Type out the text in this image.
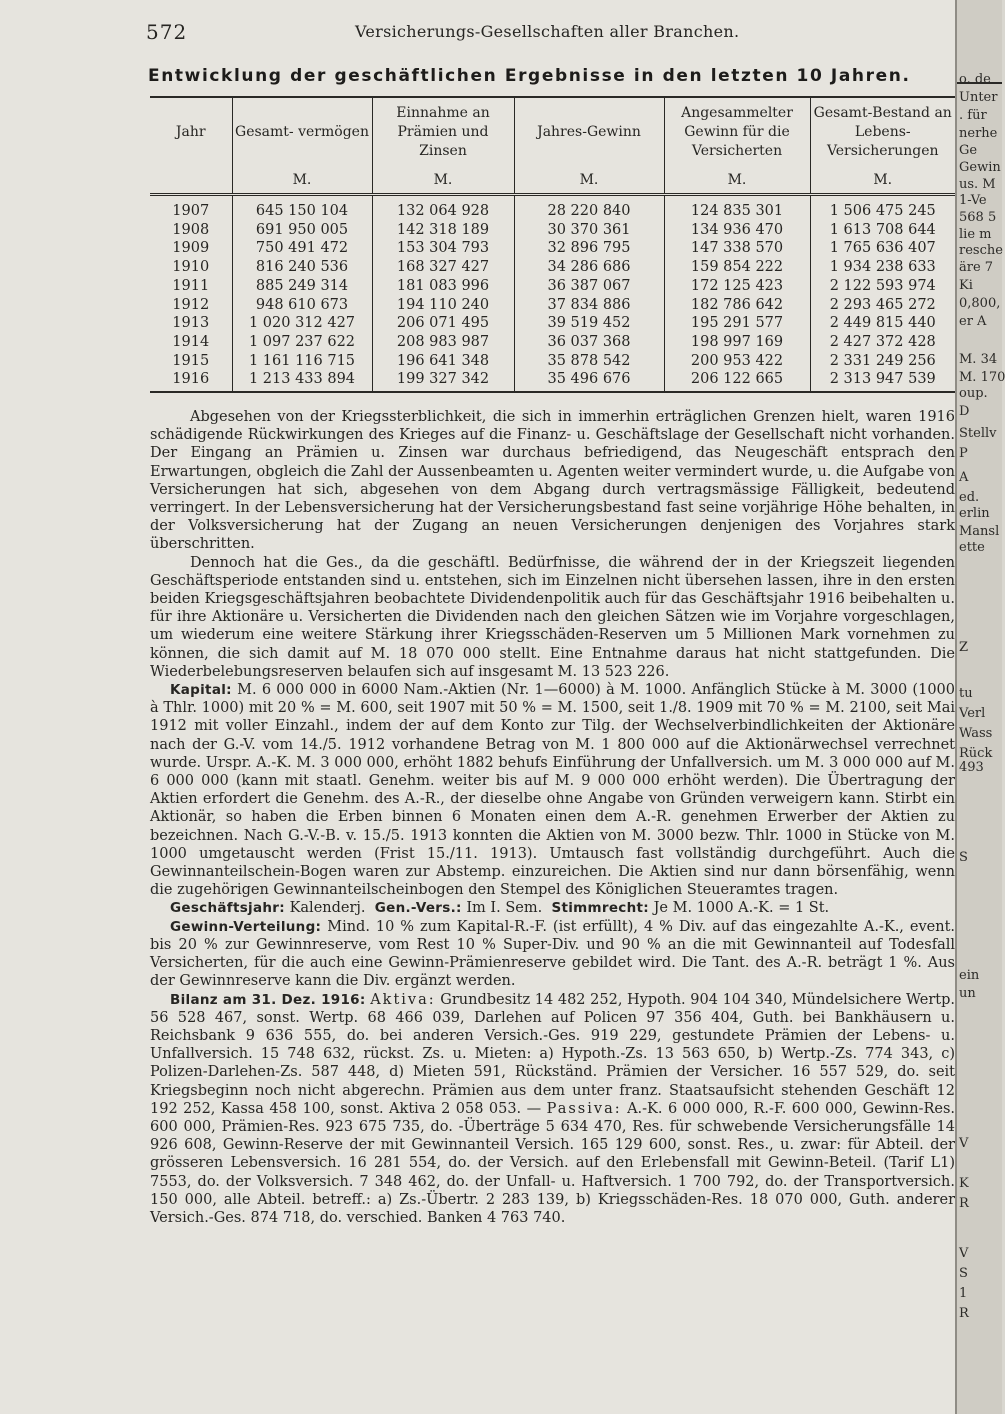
572	Versicherungs-Gesellschaften aller Branchen.
Entwicklung der geschäftlichen Ergebnisse in den letzten 10 Jahren.
Jahr	Gesamt- vermögen	Einnahme an Prämien und Zinsen	Jahres-Gewinn	Angesammelter Gewinn für die Versicherten	Gesamt-Bestand an Lebens- Versicherungen
	M.	M.	M.	M.	M.
1907	645 150 104	132 064 928	28 220 840	124 835 301	1 506 475 245
1908	691 950 005	142 318 189	30 370 361	134 936 470	1 613 708 644
1909	750 491 472	153 304 793	32 896 795	147 338 570	1 765 636 407
1910	816 240 536	168 327 427	34 286 686	159 854 222	1 934 238 633
1911	885 249 314	181 083 996	36 387 067	172 125 423	2 122 593 974
1912	948 610 673	194 110 240	37 834 886	182 786 642	2 293 465 272
1913	1 020 312 427	206 071 495	39 519 452	195 291 577	2 449 815 440
1914	1 097 237 622	208 983 987	36 037 368	198 997 169	2 427 372 428
1915	1 161 116 715	196 641 348	35 878 542	200 953 422	2 331 249 256
1916	1 213 433 894	199 327 342	35 496 676	206 122 665	2 313 947 539

Abgesehen von der Kriegssterblichkeit, die sich in immerhin erträglichen Grenzen hielt, waren 1916 schädigende Rückwirkungen des Krieges auf die Finanz- u. Geschäftslage der Gesellschaft nicht vorhanden. Der Eingang an Prämien u. Zinsen war durchaus befriedigend, das Neugeschäft entsprach den Erwartungen, obgleich die Zahl der Aussenbeamten u. Agenten weiter vermindert wurde, u. die Aufgabe von Versicherungen hat sich, abgesehen von dem Abgang durch vertragsmässige Fälligkeit, bedeutend verringert. In der Lebensversicherung hat der Versicherungsbestand fast seine vorjährige Höhe behalten, in der Volksversicherung hat der Zugang an neuen Versicherungen denjenigen des Vorjahres stark überschritten.

Dennoch hat die Ges., da die geschäftl. Bedürfnisse, die während der in der Kriegszeit liegenden Geschäftsperiode entstanden sind u. entstehen, sich im Einzelnen nicht übersehen lassen, ihre in den ersten beiden Kriegsgeschäftsjahren beobachtete Dividendenpolitik auch für das Geschäftsjahr 1916 beibehalten u. für ihre Aktionäre u. Versicherten die Dividenden nach den gleichen Sätzen wie im Vorjahre vorgeschlagen, um wiederum eine weitere Stärkung ihrer Kriegsschäden-Reserven um 5 Millionen Mark vornehmen zu können, die sich damit auf M. 18 070 000 stellt. Eine Entnahme daraus hat nicht stattgefunden. Die Wiederbelebungsreserven belaufen sich auf insgesamt M. 13 523 226.

Kapital: M. 6 000 000 in 6000 Nam.-Aktien (Nr. 1—6000) à M. 1000. Anfänglich Stücke à M. 3000 (1000 à Thlr. 1000) mit 20 % = M. 600, seit 1907 mit 50 % = M. 1500, seit 1./8. 1909 mit 70 % = M. 2100, seit Mai 1912 mit voller Einzahl., indem der auf dem Konto zur Tilg. der Wechselverbindlichkeiten der Aktionäre nach der G.-V. vom 14./5. 1912 vorhandene Betrag von M. 1 800 000 auf die Aktionärwechsel verrechnet wurde. Urspr. A.-K. M. 3 000 000, erhöht 1882 behufs Einführung der Unfallversich. um M. 3 000 000 auf M. 6 000 000 (kann mit staatl. Genehm. weiter bis auf M. 9 000 000 erhöht werden). Die Übertragung der Aktien erfordert die Genehm. des A.-R., der dieselbe ohne Angabe von Gründen verweigern kann. Stirbt ein Aktionär, so haben die Erben binnen 6 Monaten einen dem A.-R. genehmen Erwerber der Aktien zu bezeichnen. Nach G.-V.-B. v. 15./5. 1913 konnten die Aktien von M. 3000 bezw. Thlr. 1000 in Stücke von M. 1000 umgetauscht werden (Frist 15./11. 1913). Umtausch fast vollständig durchgeführt. Auch die Gewinnanteilschein-Bogen waren zur Abstemp. einzureichen. Die Aktien sind nur dann börsenfähig, wenn die zugehörigen Gewinnanteilscheinbogen den Stempel des Königlichen Steueramtes tragen.

Geschäftsjahr: Kalenderj. Gen.-Vers.: Im I. Sem. Stimmrecht: Je M. 1000 A.-K. = 1 St.

Gewinn-Verteilung: Mind. 10 % zum Kapital-R.-F. (ist erfüllt), 4 % Div. auf das eingezahlte A.-K., event. bis 20 % zur Gewinnreserve, vom Rest 10 % Super-Div. und 90 % an die mit Gewinnanteil auf Todesfall Versicherten, für die auch eine Gewinn-Prämienreserve gebildet wird. Die Tant. des A.-R. beträgt 1 %. Aus der Gewinnreserve kann die Div. ergänzt werden.

Bilanz am 31. Dez. 1916: Aktiva: Grundbesitz 14 482 252, Hypoth. 904 104 340, Mündelsichere Wertp. 56 528 467, sonst. Wertp. 68 466 039, Darlehen auf Policen 97 356 404, Guth. bei Bankhäusern u. Reichsbank 9 636 555, do. bei anderen Versich.-Ges. 919 229, gestundete Prämien der Lebens- u. Unfallversich. 15 748 632, rückst. Zs. u. Mieten: a) Hypoth.-Zs. 13 563 650, b) Wertp.-Zs. 774 343, c) Polizen-Darlehen-Zs. 587 448, d) Mieten 591, Rückständ. Prämien der Versicher. 16 557 529, do. seit Kriegsbeginn noch nicht abgerechn. Prämien aus dem unter franz. Staatsaufsicht stehenden Geschäft 12 192 252, Kassa 458 100, sonst. Aktiva 2 058 053. — Passiva: A.-K. 6 000 000, R.-F. 600 000, Gewinn-Res. 600 000, Prämien-Res. 923 675 735, do. -Überträge 5 634 470, Res. für schwebende Versicherungsfälle 14 926 608, Gewinn-Reserve der mit Gewinnanteil Versich. 165 129 600, sonst. Res., u. zwar: für Abteil. der grösseren Lebensversich. 16 281 554, do. der Versich. auf den Erlebensfall mit Gewinn-Beteil. (Tarif L1) 7553, do. der Volksversich. 7 348 462, do. der Unfall- u. Haftversich. 1 700 792, do. der Transportversich. 150 000, alle Abteil. betreff.: a) Zs.-Übertr. 2 283 139, b) Kriegsschäden-Res. 18 070 000, Guth. anderer Versich.-Ges. 874 718, do. verschied. Banken 4 763 740.

o. de
Unter
. für
nerhe
Ge
Gewin
us. M
1-Ve
568 5
lie m
resche
äre 7
Ki
0,800,
er A
M. 34
M. 170
oup.
D
Stellv
P
A
ed.
erlin
Mansl
ette
Z
tu
Verl
Wass
Rück
493
S
ein
un
V
K
R
V
S
1
R
